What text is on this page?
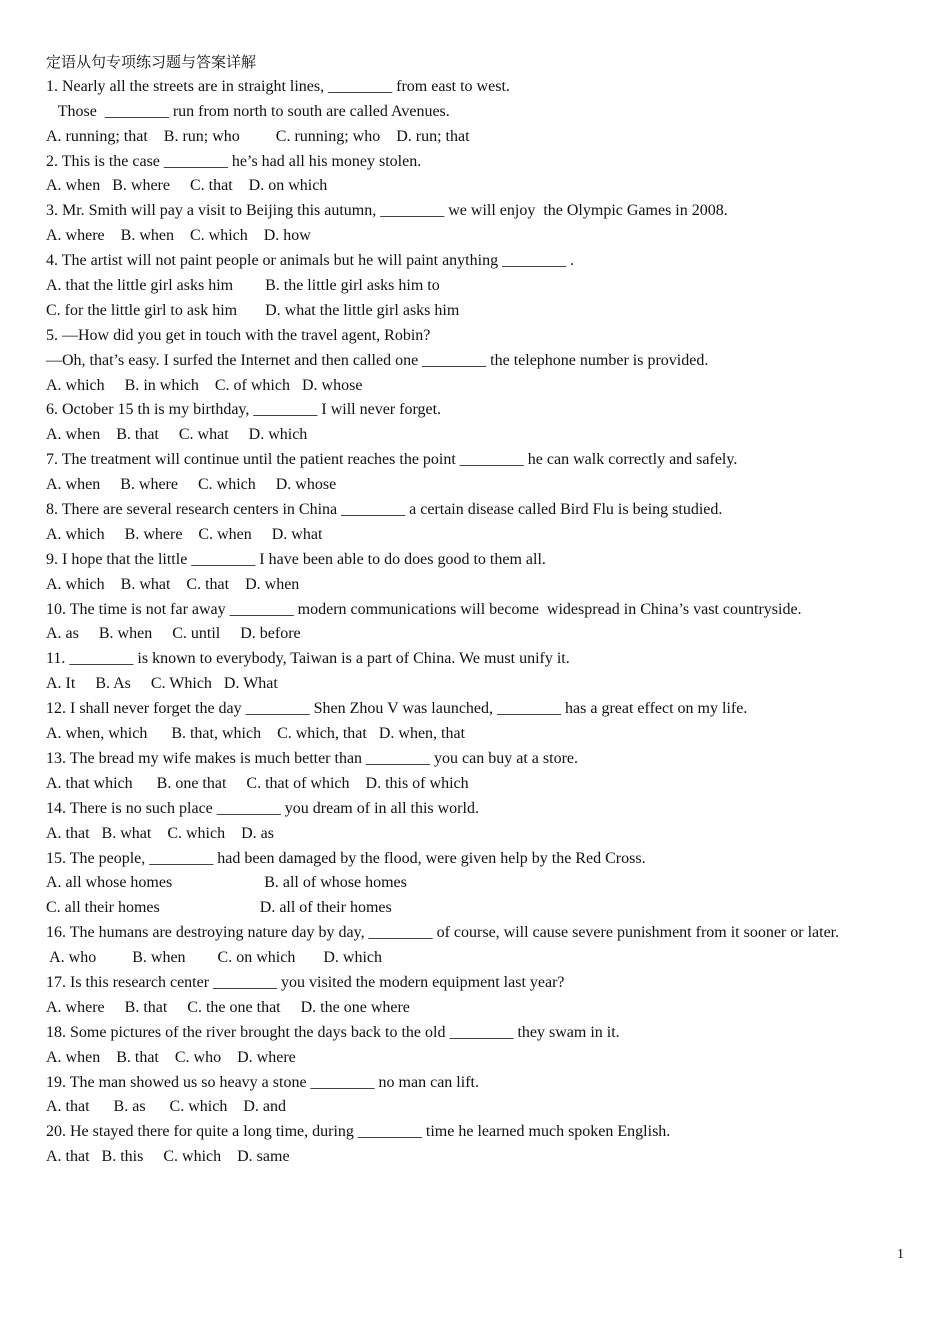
定语从句专项练习题与答案详解
1. Nearly all the streets are in straight lines, ________ from east to west.
Those  ________ run from north to south are called Avenues.
A. running; that    B. run; who         C. running; who    D. run; that
2. This is the case ________ he’s had all his money stolen.
A. when   B. where     C. that    D. on which
3. Mr. Smith will pay a visit to Beijing this autumn, ________ we will enjoy  the Olympic Games in 2008.
A. where    B. when    C. which    D. how
4. The artist will not paint people or animals but he will paint anything ________ .
A. that the little girl asks him        B. the little girl asks him to
C. for the little girl to ask him       D. what the little girl asks him
5. —How did you get in touch with the travel agent, Robin?
—Oh, that’s easy. I surfed the Internet and then called one ________ the telephone number is provided.
A. which     B. in which    C. of which   D. whose
6. October 15 th is my birthday, ________ I will never forget.
A. when    B. that     C. what     D. which
7. The treatment will continue until the patient reaches the point ________ he can walk correctly and safely.
A. when     B. where     C. which     D. whose
8. There are several research centers in China ________ a certain disease called Bird Flu is being studied.
A. which     B. where    C. when     D. what
9. I hope that the little ________ I have been able to do does good to them all.
A. which    B. what    C. that    D. when
10. The time is not far away ________ modern communications will become  widespread in China’s vast countryside.
A. as     B. when     C. until     D. before
11. ________ is known to everybody, Taiwan is a part of China. We must unify it.
A. It     B. As     C. Which   D. What
12. I shall never forget the day ________ Shen Zhou V was launched, ________ has a great effect on my life.
A. when, which      B. that, which    C. which, that   D. when, that
13. The bread my wife makes is much better than ________ you can buy at a store.
A. that which      B. one that     C. that of which    D. this of which
14. There is no such place ________ you dream of in all this world.
A. that   B. what    C. which    D. as
15. The people, ________ had been damaged by the flood, were given help by the Red Cross.
A. all whose homes                       B. all of whose homes
C. all their homes                         D. all of their homes
16. The humans are destroying nature day by day, ________ of course, will cause severe punishment from it sooner or later.
A. who         B. when        C. on which       D. which
17. Is this research center ________ you visited the modern equipment last year?
A. where     B. that     C. the one that     D. the one where
18. Some pictures of the river brought the days back to the old ________ they swam in it.
A. when    B. that    C. who    D. where
19. The man showed us so heavy a stone ________ no man can lift.
A. that      B. as      C. which    D. and
20. He stayed there for quite a long time, during ________ time he learned much spoken English.
A. that   B. this     C. which    D. same
1
